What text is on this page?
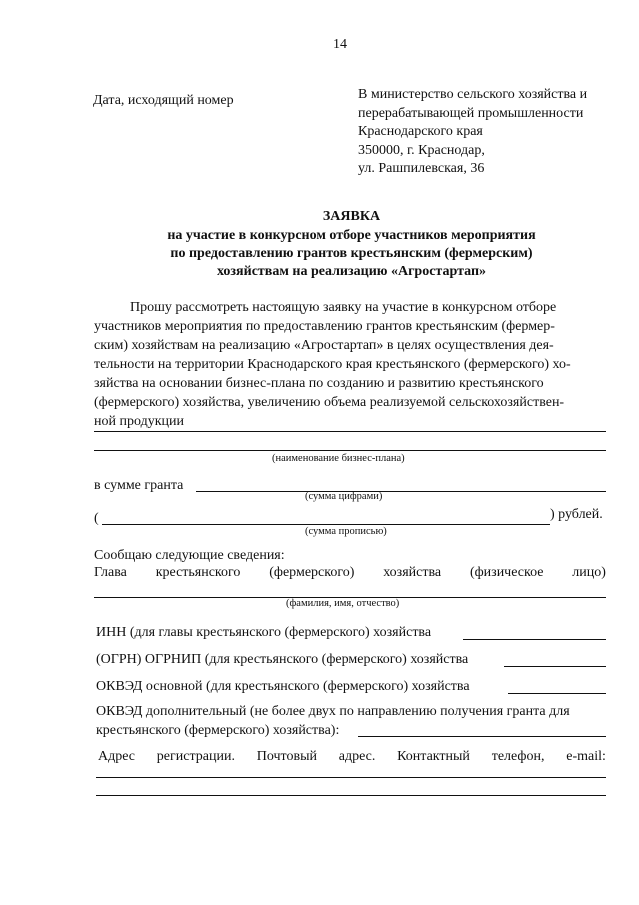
14
Дата, исходящий номер	В министерство сельского хозяйства и
перерабатывающей промышленности
Краснодарского края
350000, г. Краснодар,
ул. Рашпилевская, 36
ЗАЯВКА
на участие в конкурсном отборе участников мероприятия
по предоставлению грантов крестьянским (фермерским)
хозяйствам на реализацию «Агростартап»
Прошу рассмотреть настоящую заявку на участие в конкурсном отборе
участников мероприятия по предоставлению грантов крестьянским (фермер-
ским) хозяйствам на реализацию «Агростартап» в целях осуществления дея-
тельности на территории Краснодарского края крестьянского (фермерского) хо-
зяйства на основании бизнес-плана по созданию и развитию крестьянского
(фермерского) хозяйства, увеличению объема реализуемой сельскохозяйствен-
ной продукции
(наименование бизнес-плана)
в сумме гранта
(сумма цифрами)
(	) рублей.
(сумма прописью)
Сообщаю следующие сведения:
Глава крестьянского (фермерского) хозяйства (физическое лицо)
(фамилия, имя, отчество)
ИНН (для главы крестьянского (фермерского) хозяйства
(ОГРН) ОГРНИП (для крестьянского (фермерского) хозяйства
ОКВЭД основной (для крестьянского (фермерского) хозяйства
ОКВЭД дополнительный (не более двух по направлению получения гранта для
крестьянского (фермерского) хозяйства):
Адрес регистрации. Почтовый адрес. Контактный телефон, e-mail:
